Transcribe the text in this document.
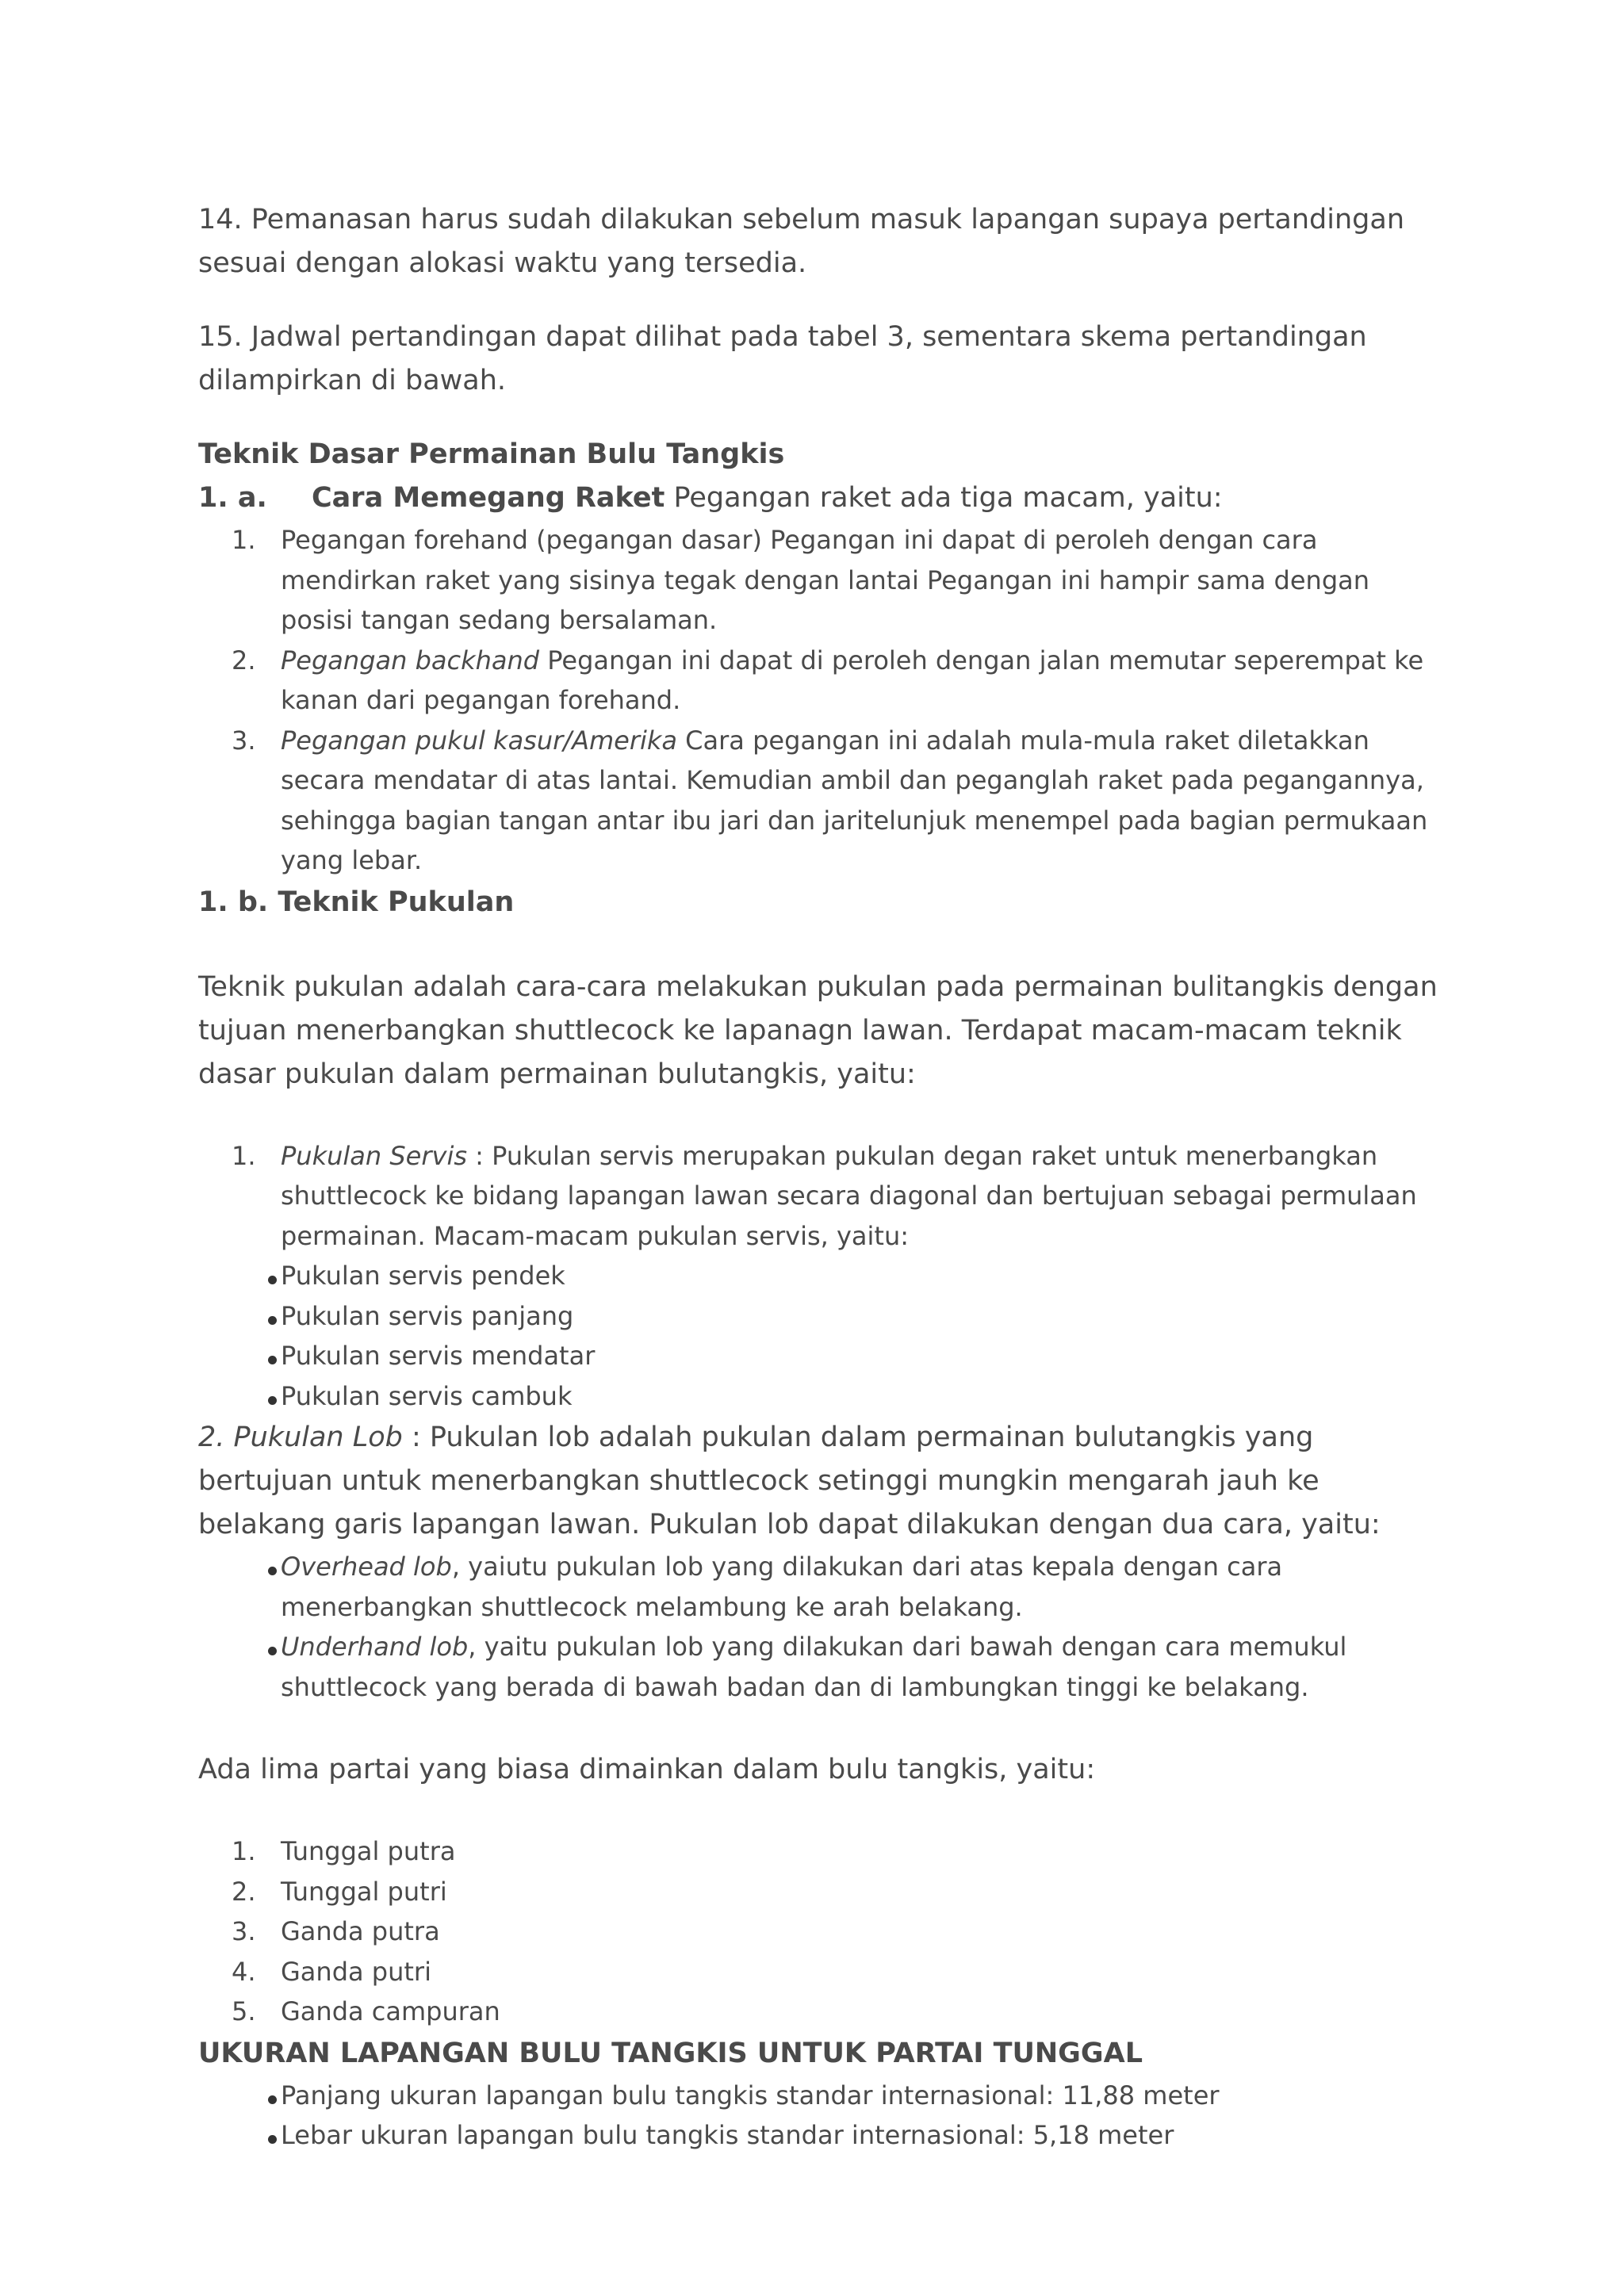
14. Pemanasan harus sudah dilakukan sebelum masuk lapangan supaya pertandingan sesuai dengan alokasi waktu yang tersedia.

15. Jadwal pertandingan dapat dilihat pada tabel 3, sementara skema pertandingan dilampirkan di bawah.

Teknik Dasar Permainan Bulu Tangkis

1. a.	Cara Memegang Raket Pegangan raket ada tiga macam, yaitu:
1. Pegangan forehand (pegangan dasar) Pegangan ini dapat di peroleh dengan cara mendirkan raket yang sisinya tegak dengan lantai Pegangan ini hampir sama dengan posisi tangan sedang bersalaman.
2. Pegangan backhand Pegangan ini dapat di peroleh dengan jalan memutar seperempat ke kanan dari pegangan forehand.
3. Pegangan pukul kasur/Amerika Cara pegangan ini adalah mula-mula raket diletakkan secara mendatar di atas lantai. Kemudian ambil dan peganglah raket pada pegangannya, sehingga bagian tangan antar ibu jari dan jaritelunjuk menempel pada bagian permukaan yang lebar.

1. b. Teknik Pukulan

Teknik pukulan adalah cara-cara melakukan pukulan pada permainan bulitangkis dengan tujuan menerbangkan shuttlecock ke lapanagn lawan. Terdapat macam-macam teknik dasar pukulan dalam permainan bulutangkis, yaitu:

1. Pukulan Servis : Pukulan servis merupakan pukulan degan raket untuk menerbangkan shuttlecock ke bidang lapangan lawan secara diagonal dan bertujuan sebagai permulaan permainan. Macam-macam pukulan servis, yaitu:
Pukulan servis pendek
Pukulan servis panjang
Pukulan servis mendatar
Pukulan servis cambuk

2. Pukulan Lob : Pukulan lob adalah pukulan dalam permainan bulutangkis yang bertujuan untuk menerbangkan shuttlecock setinggi mungkin mengarah jauh ke belakang garis lapangan lawan. Pukulan lob dapat dilakukan dengan dua cara, yaitu:

Overhead lob, yaiutu pukulan lob yang dilakukan dari atas kepala dengan cara menerbangkan shuttlecock melambung ke arah belakang.
Underhand lob, yaitu pukulan lob yang dilakukan dari bawah dengan cara memukul shuttlecock yang berada di bawah badan dan di lambungkan tinggi ke belakang.

Ada lima partai yang biasa dimainkan dalam bulu tangkis, yaitu:

1. Tunggal putra
2. Tunggal putri
3. Ganda putra
4. Ganda putri
5. Ganda campuran

UKURAN LAPANGAN BULU TANGKIS UNTUK PARTAI TUNGGAL

Panjang ukuran lapangan bulu tangkis standar internasional: 11,88 meter
Lebar ukuran lapangan bulu tangkis standar internasional: 5,18 meter
